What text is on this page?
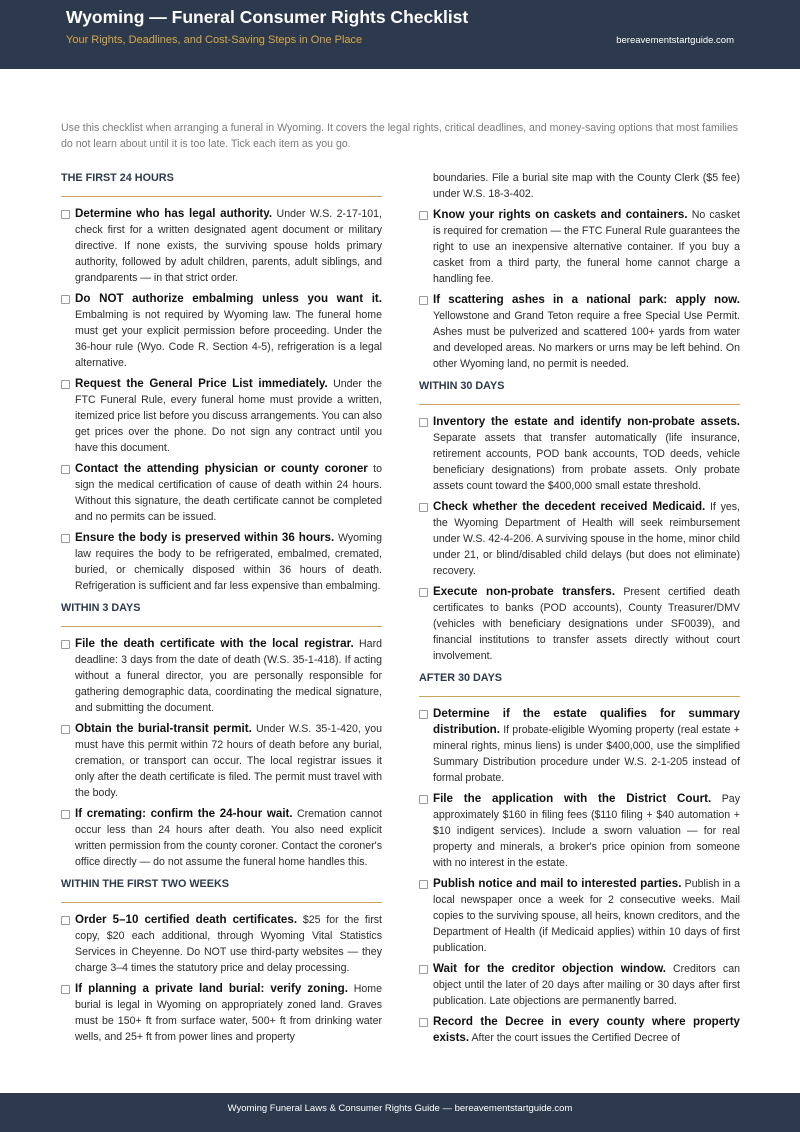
Wyoming — Funeral Consumer Rights Checklist
Your Rights, Deadlines, and Cost-Saving Steps in One Place	bereavementstartguide.com
Use this checklist when arranging a funeral in Wyoming. It covers the legal rights, critical deadlines, and money-saving options that most families do not learn about until it is too late. Tick each item as you go.
THE FIRST 24 HOURS
Determine who has legal authority. Under W.S. 2-17-101, check first for a written designated agent document or military directive. If none exists, the surviving spouse holds primary authority, followed by adult children, parents, adult siblings, and grandparents — in that strict order.
Do NOT authorize embalming unless you want it. Embalming is not required by Wyoming law. The funeral home must get your explicit permission before proceeding. Under the 36-hour rule (Wyo. Code R. Section 4-5), refrigeration is a legal alternative.
Request the General Price List immediately. Under the FTC Funeral Rule, every funeral home must provide a written, itemized price list before you discuss arrangements. You can also get prices over the phone. Do not sign any contract until you have this document.
Contact the attending physician or county coroner to sign the medical certification of cause of death within 24 hours. Without this signature, the death certificate cannot be completed and no permits can be issued.
Ensure the body is preserved within 36 hours. Wyoming law requires the body to be refrigerated, embalmed, cremated, buried, or chemically disposed within 36 hours of death. Refrigeration is sufficient and far less expensive than embalming.
WITHIN 3 DAYS
File the death certificate with the local registrar. Hard deadline: 3 days from the date of death (W.S. 35-1-418). If acting without a funeral director, you are personally responsible for gathering demographic data, coordinating the medical signature, and submitting the document.
Obtain the burial-transit permit. Under W.S. 35-1-420, you must have this permit within 72 hours of death before any burial, cremation, or transport can occur. The local registrar issues it only after the death certificate is filed. The permit must travel with the body.
If cremating: confirm the 24-hour wait. Cremation cannot occur less than 24 hours after death. You also need explicit written permission from the county coroner. Contact the coroner's office directly — do not assume the funeral home handles this.
WITHIN THE FIRST TWO WEEKS
Order 5–10 certified death certificates. $25 for the first copy, $20 each additional, through Wyoming Vital Statistics Services in Cheyenne. Do NOT use third-party websites — they charge 3–4 times the statutory price and delay processing.
If planning a private land burial: verify zoning. Home burial is legal in Wyoming on appropriately zoned land. Graves must be 150+ ft from surface water, 500+ ft from drinking water wells, and 25+ ft from power lines and property
boundaries. File a burial site map with the County Clerk ($5 fee) under W.S. 18-3-402.
Know your rights on caskets and containers. No casket is required for cremation — the FTC Funeral Rule guarantees the right to use an inexpensive alternative container. If you buy a casket from a third party, the funeral home cannot charge a handling fee.
If scattering ashes in a national park: apply now. Yellowstone and Grand Teton require a free Special Use Permit. Ashes must be pulverized and scattered 100+ yards from water and developed areas. No markers or urns may be left behind. On other Wyoming land, no permit is needed.
WITHIN 30 DAYS
Inventory the estate and identify non-probate assets. Separate assets that transfer automatically (life insurance, retirement accounts, POD bank accounts, TOD deeds, vehicle beneficiary designations) from probate assets. Only probate assets count toward the $400,000 small estate threshold.
Check whether the decedent received Medicaid. If yes, the Wyoming Department of Health will seek reimbursement under W.S. 42-4-206. A surviving spouse in the home, minor child under 21, or blind/disabled child delays (but does not eliminate) recovery.
Execute non-probate transfers. Present certified death certificates to banks (POD accounts), County Treasurer/DMV (vehicles with beneficiary designations under SF0039), and financial institutions to transfer assets directly without court involvement.
AFTER 30 DAYS
Determine if the estate qualifies for summary distribution. If probate-eligible Wyoming property (real estate + mineral rights, minus liens) is under $400,000, use the simplified Summary Distribution procedure under W.S. 2-1-205 instead of formal probate.
File the application with the District Court. Pay approximately $160 in filing fees ($110 filing + $40 automation + $10 indigent services). Include a sworn valuation — for real property and minerals, a broker's price opinion from someone with no interest in the estate.
Publish notice and mail to interested parties. Publish in a local newspaper once a week for 2 consecutive weeks. Mail copies to the surviving spouse, all heirs, known creditors, and the Department of Health (if Medicaid applies) within 10 days of first publication.
Wait for the creditor objection window. Creditors can object until the later of 20 days after mailing or 30 days after first publication. Late objections are permanently barred.
Record the Decree in every county where property exists. After the court issues the Certified Decree of
Wyoming Funeral Laws & Consumer Rights Guide — bereavementstartguide.com
